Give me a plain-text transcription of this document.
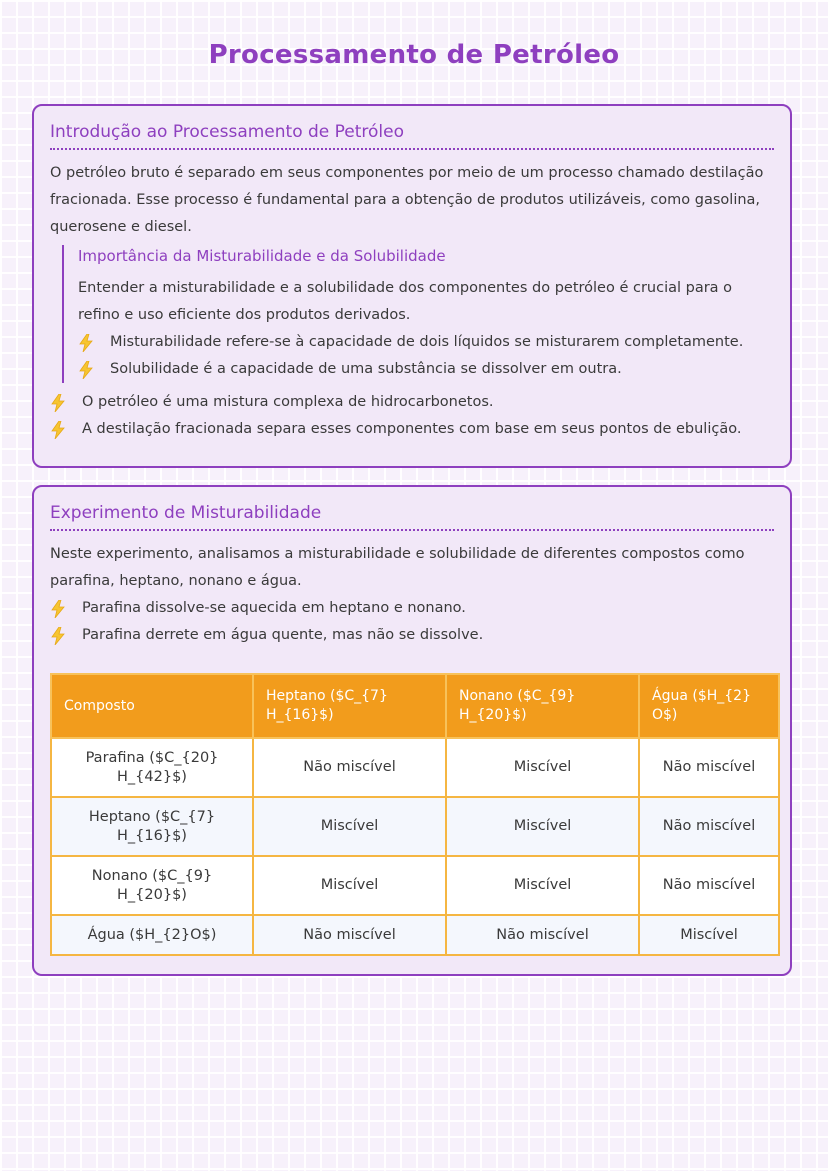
Processamento de Petróleo
Introdução ao Processamento de Petróleo

O petróleo bruto é separado em seus componentes por meio de um processo chamado destilação fracionada. Esse processo é fundamental para a obtenção de produtos utilizáveis, como gasolina, querosene e diesel.

Importância da Misturabilidade e da Solubilidade

Entender a misturabilidade e a solubilidade dos componentes do petróleo é crucial para o refino e uso eficiente dos produtos derivados.

Misturabilidade refere-se à capacidade de dois líquidos se misturarem completamente.
Solubilidade é a capacidade de uma substância se dissolver em outra.
O petróleo é uma mistura complexa de hidrocarbonetos.
A destilação fracionada separa esses componentes com base em seus pontos de ebulição.
Experimento de Misturabilidade

Neste experimento, analisamos a misturabilidade e solubilidade de diferentes compostos como parafina, heptano, nonano e água.

Parafina dissolve-se aquecida em heptano e nonano.
Parafina derrete em água quente, mas não se dissolve.
Composto	Heptano ($C_{7} H_{16}$)	Nonano ($C_{9} H_{20}$)	Água ($H_{2} O$)
Parafina ($C_{20} H_{42}$)	Não miscível	Miscível	Não miscível
Heptano ($C_{7} H_{16}$)	Miscível	Miscível	Não miscível
Nonano ($C_{9} H_{20}$)	Miscível	Miscível	Não miscível
Água ($H_{2}O$)	Não miscível	Não miscível	Miscível
